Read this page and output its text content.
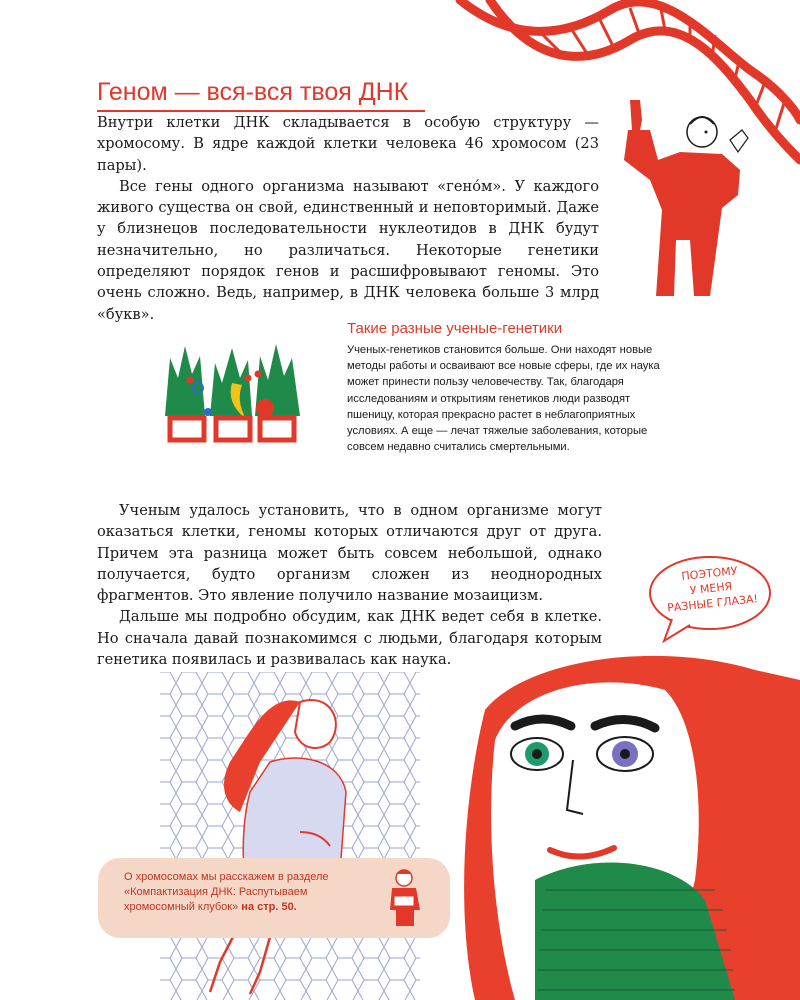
Геном — вся-вся твоя ДНК

Внутри клетки ДНК складывается в особую структуру — хромосому. В ядре каждой клетки человека 46 хромосом (23 пары).

Все гены одного организма называют «гено́м». У каждого живого существа он свой, единственный и неповторимый. Даже у близнецов последовательности нуклеотидов в ДНК будут незначительно, но различаться. Некоторые генетики определяют порядок генов и расшифровывают геномы. Это очень сложно. Ведь, например, в ДНК человека больше 3 млрд «букв».

Такие разные ученые-генетики

Ученых-генетиков становится больше. Они находят новые методы работы и осваивают все новые сферы, где их наука может принести пользу человечеству. Так, благодаря исследованиям и открытиям генетиков люди разводят пшеницу, которая прекрасно растет в неблагоприятных условиях. А еще — лечат тяжелые заболевания, которые совсем недавно считались смертельными.

Ученым удалось установить, что в одном организме могут оказаться клетки, геномы которых отличаются друг от друга. Причем эта разница может быть совсем небольшой, однако получается, будто организм сложен из неоднородных фрагментов. Это явление получило название мозаицизм.

Дальше мы подробно обсудим, как ДНК ведет себя в клетке. Но сначала давай познакомимся с людьми, благодаря которым генетика появилась и развивалась как наука.

ПОЭТОМУ
У МЕНЯ
РАЗНЫЕ ГЛАЗА!

О хромосомах мы расскажем в разделе «Компактизация ДНК: Распутываем хромосомный клубок» на стр. 50.
